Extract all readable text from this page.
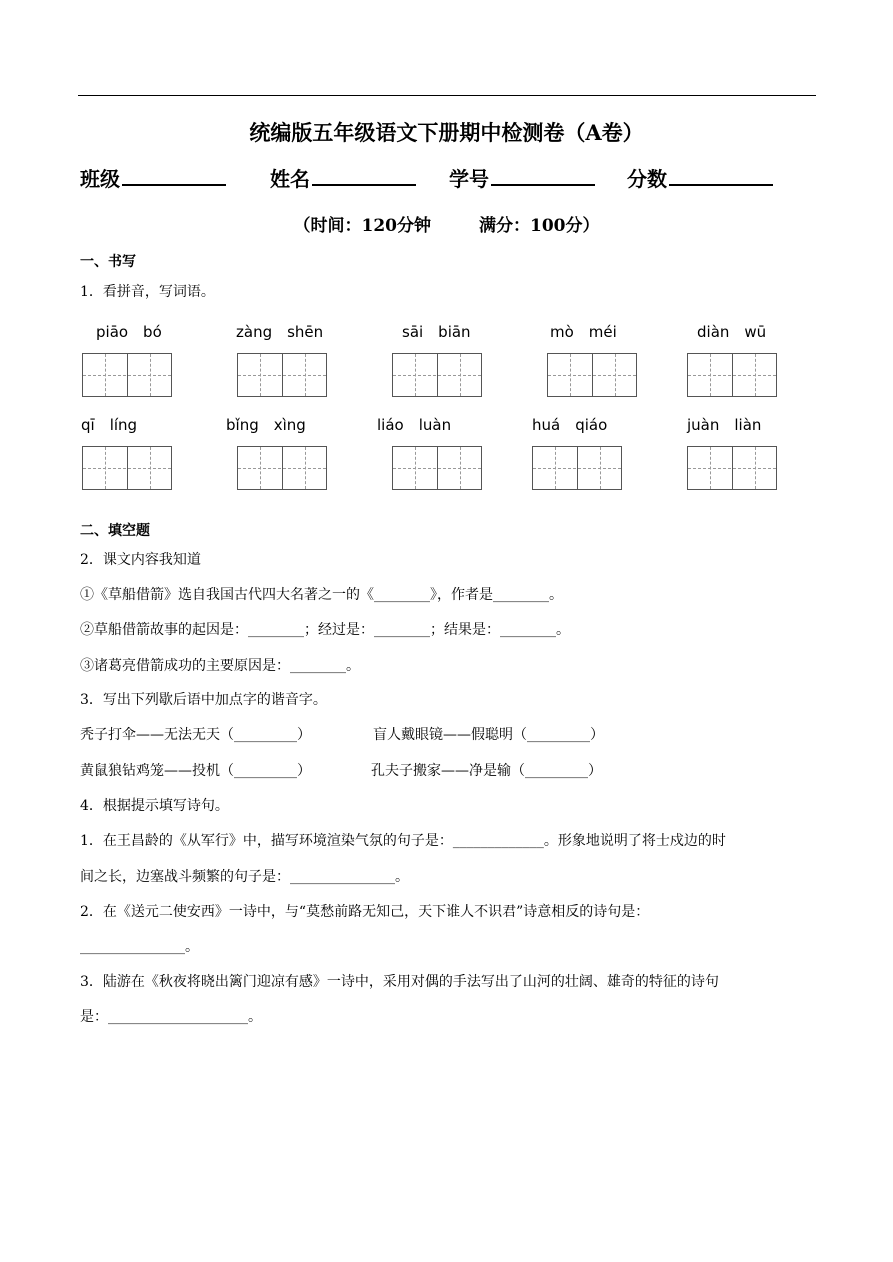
统编版五年级语文下册期中检测卷（A卷）
班级	姓名	学号	分数
（时间：120分钟	满分：100分）
一、书写
1．看拼音，写词语。
piāo　bó	zàng　shēn	sāi　biān	mò　méi	diàn　wū
qī　líng	bǐng　xìng	liáo　luàn	huá　qiáo	juàn　liàn
二、填空题
2．课文内容我知道
①《草船借箭》选自我国古代四大名著之一的《________》，作者是________。
②草船借箭故事的起因是：________；经过是：________；结果是：________。
③诸葛亮借箭成功的主要原因是：________。
3．写出下列歇后语中加点字的谐音字。
秃子打伞——无法无天（_________）	盲人戴眼镜——假聪明（_________）
黄鼠狼钻鸡笼——投机（_________）	孔夫子搬家——净是输（_________）
4．根据提示填写诗句。
1．在王昌龄的《从军行》中，描写环境渲染气氛的句子是：_____________。形象地说明了将士戍边的时
间之长，边塞战斗频繁的句子是：_______________。
2．在《送元二使安西》一诗中，与“莫愁前路无知己，天下谁人不识君”诗意相反的诗句是：
_______________。
3．陆游在《秋夜将晓出篱门迎凉有感》一诗中，采用对偶的手法写出了山河的壮阔、雄奇的特征的诗句
是：____________________。
